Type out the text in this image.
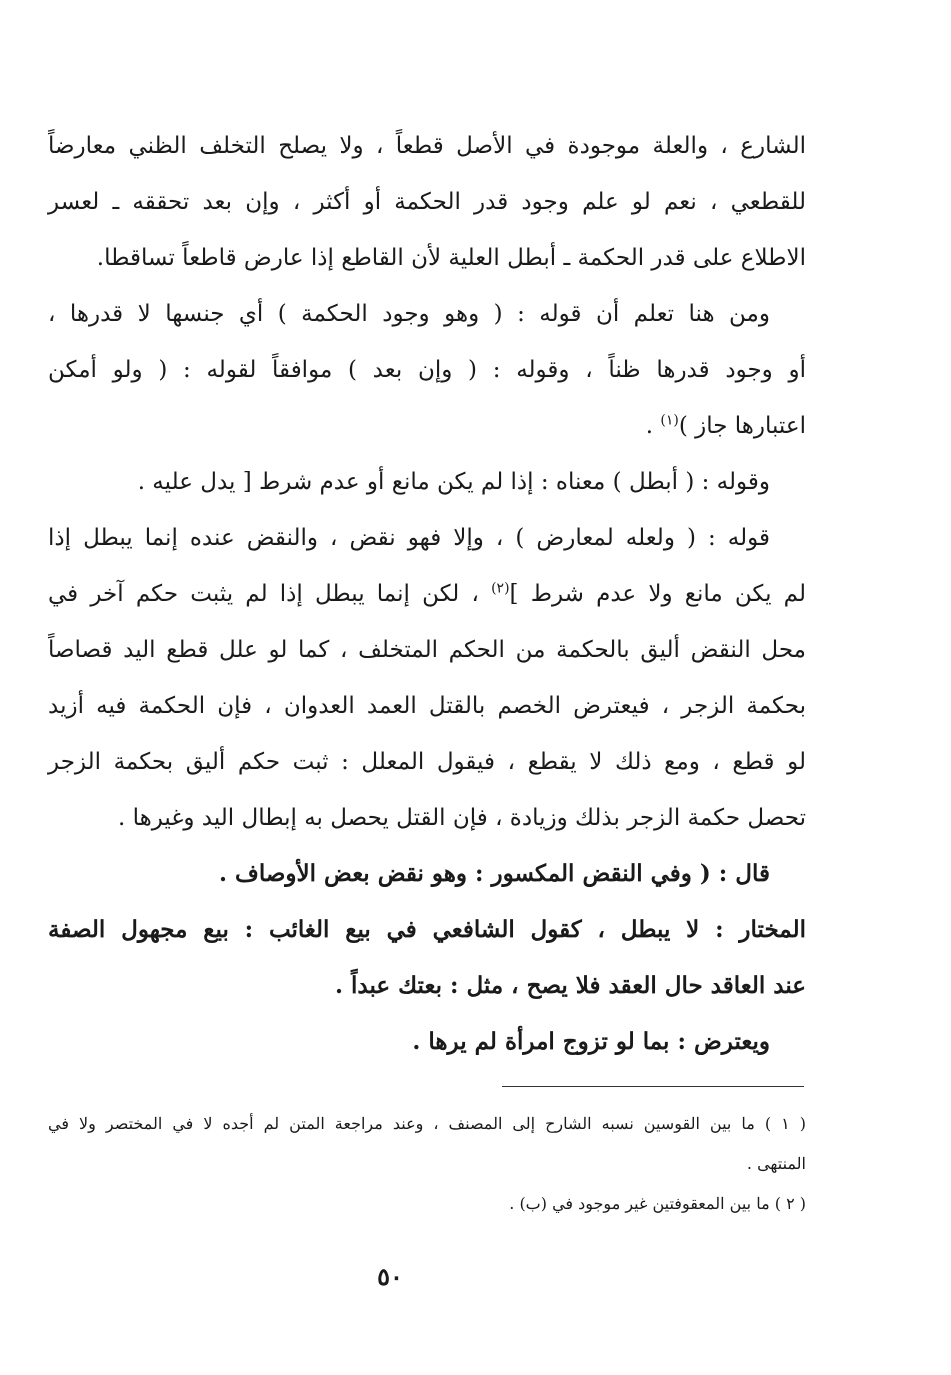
الشارع ، والعلة موجودة في الأصل قطعاً ، ولا يصلح التخلف الظني معارضاً
للقطعي ، نعم لو علم وجود قدر الحكمة أو أكثر ، وإن بعد تحققه ـ لعسر
الاطلاع على قدر الحكمة ـ أبطل العلية لأن القاطع إذا عارض قاطعاً تساقطا.
ومن هنا تعلم أن قوله : ( وهو وجود الحكمة ) أي جنسها لا قدرها ،
أو وجود قدرها ظناً ، وقوله : ( وإن بعد ) موافقاً لقوله : ( ولو أمكن
اعتبارها جاز )$^{(١)}$ .
وقوله : ( أبطل ) معناه : إذا لم يكن مانع أو عدم شرط [ يدل عليه .
قوله : ( ولعله لمعارض ) ، وإلا فهو نقض ، والنقض عنده إنما يبطل إذا
لم يكن مانع ولا عدم شرط ]$^{(٢)}$ ، لكن إنما يبطل إذا لم يثبت حكم آخر في
محل النقض أليق بالحكمة من الحكم المتخلف ، كما لو علل قطع اليد قصاصاً
بحكمة الزجر ، فيعترض الخصم بالقتل العمد العدوان ، فإن الحكمة فيه أزيد
لو قطع ، ومع ذلك لا يقطع ، فيقول المعلل : ثبت حكم أليق بحكمة الزجر
تحصل حكمة الزجر بذلك وزيادة ، فإن القتل يحصل به إبطال اليد وغيرها .
قال : ( وفي النقض المكسور : وهو نقض بعض الأوصاف .
المختار : لا يبطل ، كقول الشافعي في بيع الغائب : بيع مجهول الصفة
عند العاقد حال العقد فلا يصح ، مثل : بعتك عبداً .
ويعترض : بما لو تزوج امرأة لم يرها .
( ١ ) ما بين القوسين نسبه الشارح إلى المصنف ، وعند مراجعة المتن لم أجده لا في المختصر ولا في
المنتهى .
( ٢ ) ما بين المعقوفتين غير موجود في (ب) .
٥٠
